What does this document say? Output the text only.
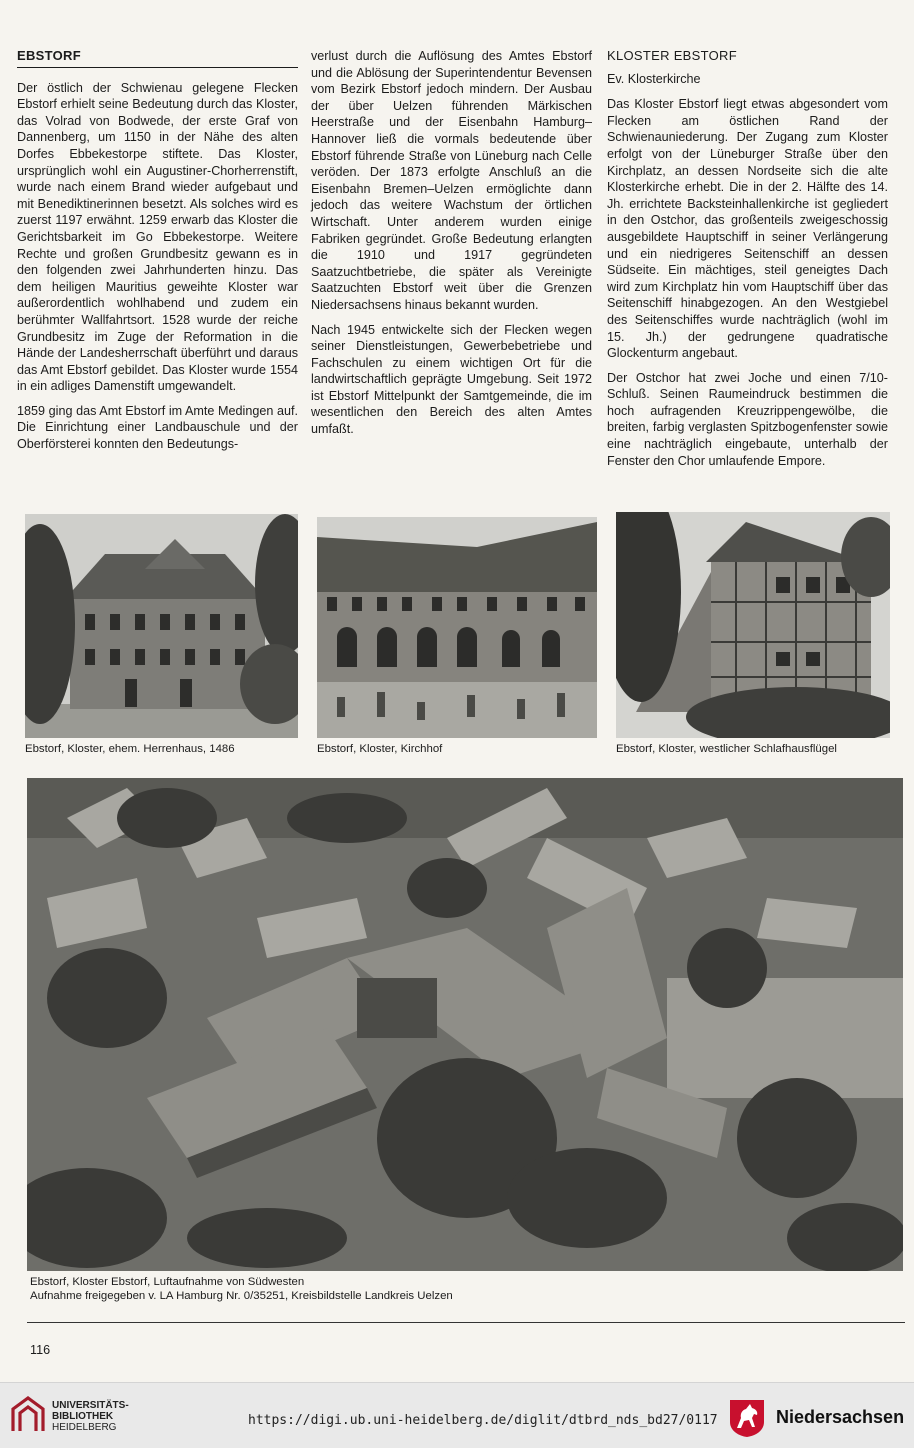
EBSTORF

Der östlich der Schwienau gelegene Flecken Ebstorf erhielt seine Bedeutung durch das Kloster, das Volrad von Bodwede, der erste Graf von Dannenberg, um 1150 in der Nähe des alten Dorfes Ebbekestorpe stiftete. Das Kloster, ursprünglich wohl ein Augustiner-Chorherrenstift, wurde nach einem Brand wieder aufgebaut und mit Benediktinerinnen besetzt. Als solches wird es zuerst 1197 erwähnt. 1259 erwarb das Kloster die Gerichtsbarkeit im Go Ebbekestorpe. Weitere Rechte und großen Grundbesitz gewann es in den folgenden zwei Jahrhunderten hinzu. Das dem heiligen Mauritius geweihte Kloster war außerordentlich wohlhabend und zudem ein berühmter Wallfahrtsort. 1528 wurde der reiche Grundbesitz im Zuge der Reformation in die Hände der Landesherrschaft überführt und daraus das Amt Ebstorf gebildet. Das Kloster wurde 1554 in ein adliges Damenstift umgewandelt.

1859 ging das Amt Ebstorf im Amte Medingen auf. Die Einrichtung einer Landbauschule und der Oberförsterei konnten den Bedeutungs-

verlust durch die Auflösung des Amtes Ebstorf und die Ablösung der Superintendentur Bevensen vom Bezirk Ebstorf jedoch mindern. Der Ausbau der über Uelzen führenden Märkischen Heerstraße und der Eisenbahn Hamburg–Hannover ließ die vormals bedeutende über Ebstorf führende Straße von Lüneburg nach Celle veröden. Der 1873 erfolgte Anschluß an die Eisenbahn Bremen–Uelzen ermöglichte dann jedoch das weitere Wachstum der örtlichen Wirtschaft. Unter anderem wurden einige Fabriken gegründet. Große Bedeutung erlangten die 1910 und 1917 gegründeten Saatzuchtbetriebe, die später als Vereinigte Saatzuchten Ebstorf weit über die Grenzen Niedersachsens hinaus bekannt wurden.

Nach 1945 entwickelte sich der Flecken wegen seiner Dienstleistungen, Gewerbebetriebe und Fachschulen zu einem wichtigen Ort für die landwirtschaftlich geprägte Umgebung. Seit 1972 ist Ebstorf Mittelpunkt der Samtgemeinde, die im wesentlichen den Bereich des alten Amtes umfaßt.

KLOSTER EBSTORF
Ev. Klosterkirche

Das Kloster Ebstorf liegt etwas abgesondert vom Flecken am östlichen Rand der Schwienauniederung. Der Zugang zum Kloster erfolgt von der Lüneburger Straße über den Kirchplatz, an dessen Nordseite sich die alte Klosterkirche erhebt. Die in der 2. Hälfte des 14. Jh. errichtete Backsteinhallenkirche ist gegliedert in den Ostchor, das großenteils zweigeschossig ausgebildete Hauptschiff in seiner Verlängerung und ein niedrigeres Seitenschiff an dessen Südseite. Ein mächtiges, steil geneigtes Dach wird zum Kirchplatz hin vom Hauptschiff über das Seitenschiff hinabgezogen. An den Westgiebel des Seitenschiffes wurde nachträglich (wohl im 15. Jh.) der gedrungene quadratische Glockenturm angebaut.

Der Ostchor hat zwei Joche und einen 7/10-Schluß. Seinen Raumeindruck bestimmen die hoch aufragenden Kreuzrippengewölbe, die breiten, farbig verglasten Spitzbogenfenster sowie eine nachträglich eingebaute, unterhalb der Fenster den Chor umlaufende Empore.

Ebstorf, Kloster, ehem. Herrenhaus, 1486	Ebstorf, Kloster, Kirchhof	Ebstorf, Kloster, westlicher Schlafhausflügel
Ebstorf, Kloster Ebstorf, Luftaufnahme von Südwesten
Aufnahme freigegeben v. LA Hamburg Nr. 0/35251, Kreisbildstelle Landkreis Uelzen
116
UNIVERSITÄTS-
BIBLIOTHEK
HEIDELBERG	https://digi.ub.uni-heidelberg.de/diglit/dtbrd_nds_bd27/0117	Niedersachsen
